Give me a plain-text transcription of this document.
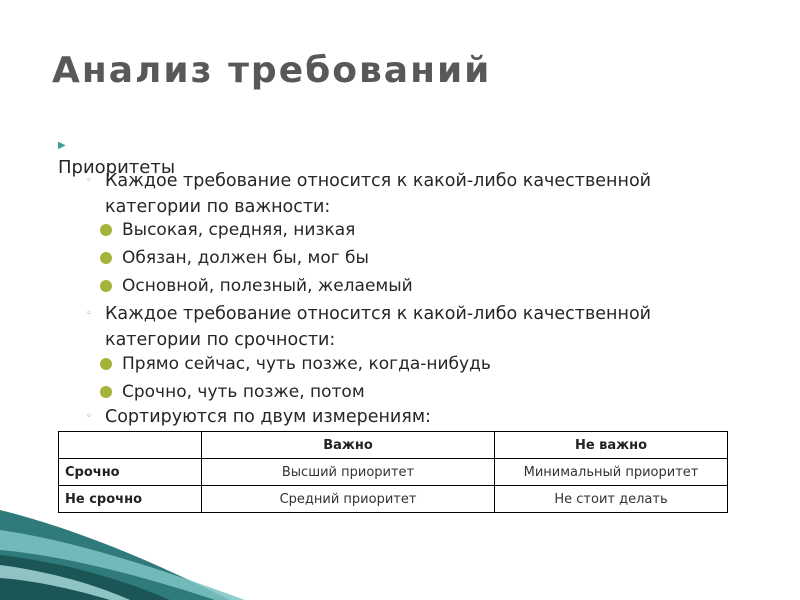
Анализ требований
▶
Приоритеты
◦ Каждое требование относится к какой-либо качественной категории по важности:
Высокая, средняя, низкая
Обязан, должен бы, мог бы
Основной, полезный, желаемый
◦ Каждое требование относится к какой-либо качественной категории по срочности:
Прямо сейчас, чуть позже, когда-нибудь
Срочно, чуть позже, потом
◦ Сортируются по двум измерениям:
	Важно	Не важно
Срочно	Высший приоритет	Минимальный приоритет
Не срочно	Средний приоритет	Не стоит делать
